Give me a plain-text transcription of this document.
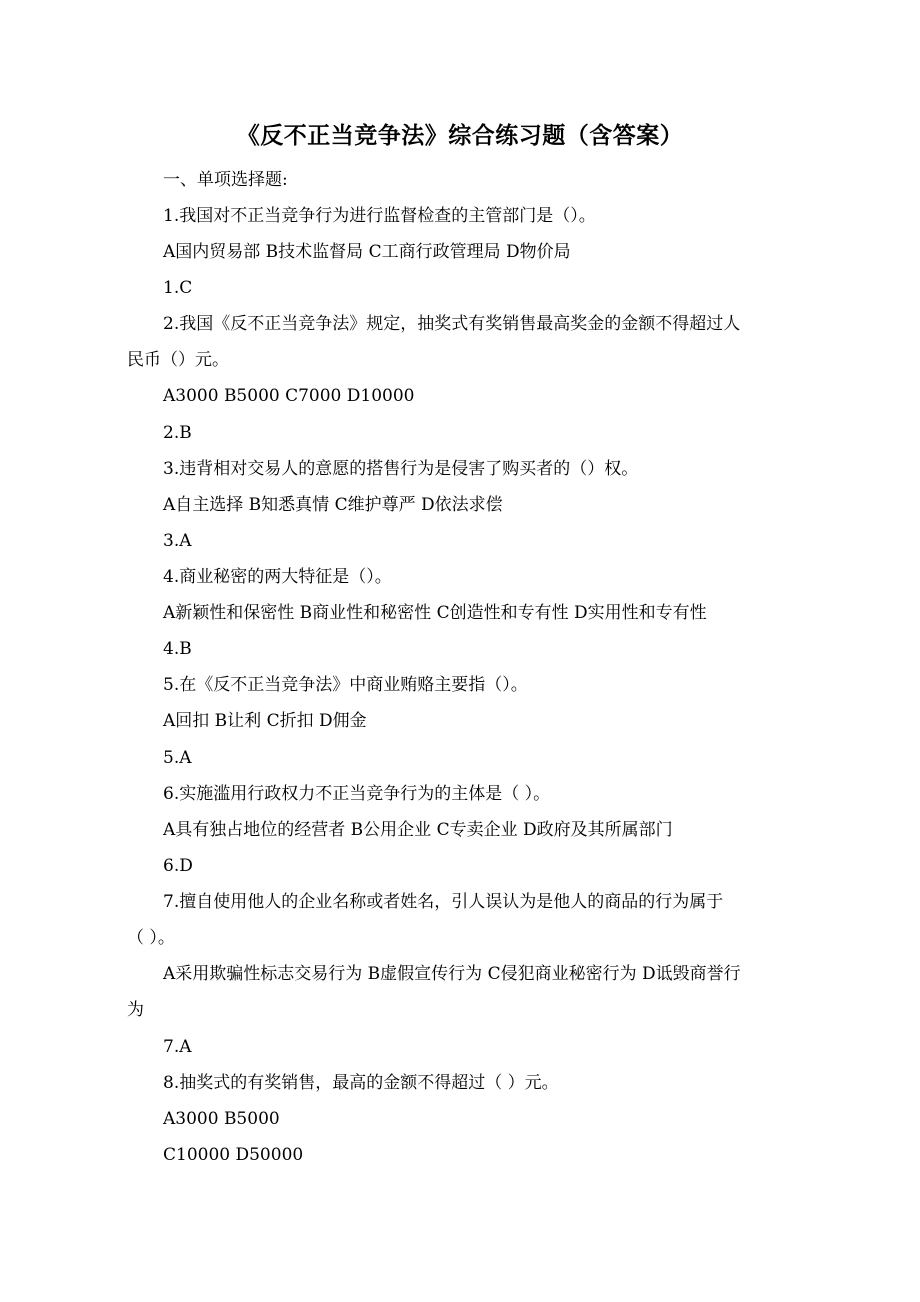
《反不正当竞争法》综合练习题（含答案）
一、单项选择题:
1.我国对不正当竞争行为进行监督检查的主管部门是（）。
A国内贸易部 B技术监督局 C工商行政管理局 D物价局
1.C
2.我国《反不正当竞争法》规定，抽奖式有奖销售最高奖金的金额不得超过人
民币（）元。
A3000 B5000 C7000 D10000
2.B
3.违背相对交易人的意愿的搭售行为是侵害了购买者的（）权。
A自主选择 B知悉真情 C维护尊严 D依法求偿
3.A
4.商业秘密的两大特征是（）。
A新颖性和保密性 B商业性和秘密性 C创造性和专有性 D实用性和专有性
4.B
5.在《反不正当竞争法》中商业贿赂主要指（）。
A回扣 B让利 C折扣 D佣金
5.A
6.实施滥用行政权力不正当竞争行为的主体是（ ）。
A具有独占地位的经营者 B公用企业 C专卖企业 D政府及其所属部门
6.D
7.擅自使用他人的企业名称或者姓名，引人误认为是他人的商品的行为属于
（ ）。
A采用欺骗性标志交易行为 B虚假宣传行为 C侵犯商业秘密行为 D诋毁商誉行
为
7.A
8.抽奖式的有奖销售，最高的金额不得超过（ ）元。
A3000 B5000
C10000 D50000
